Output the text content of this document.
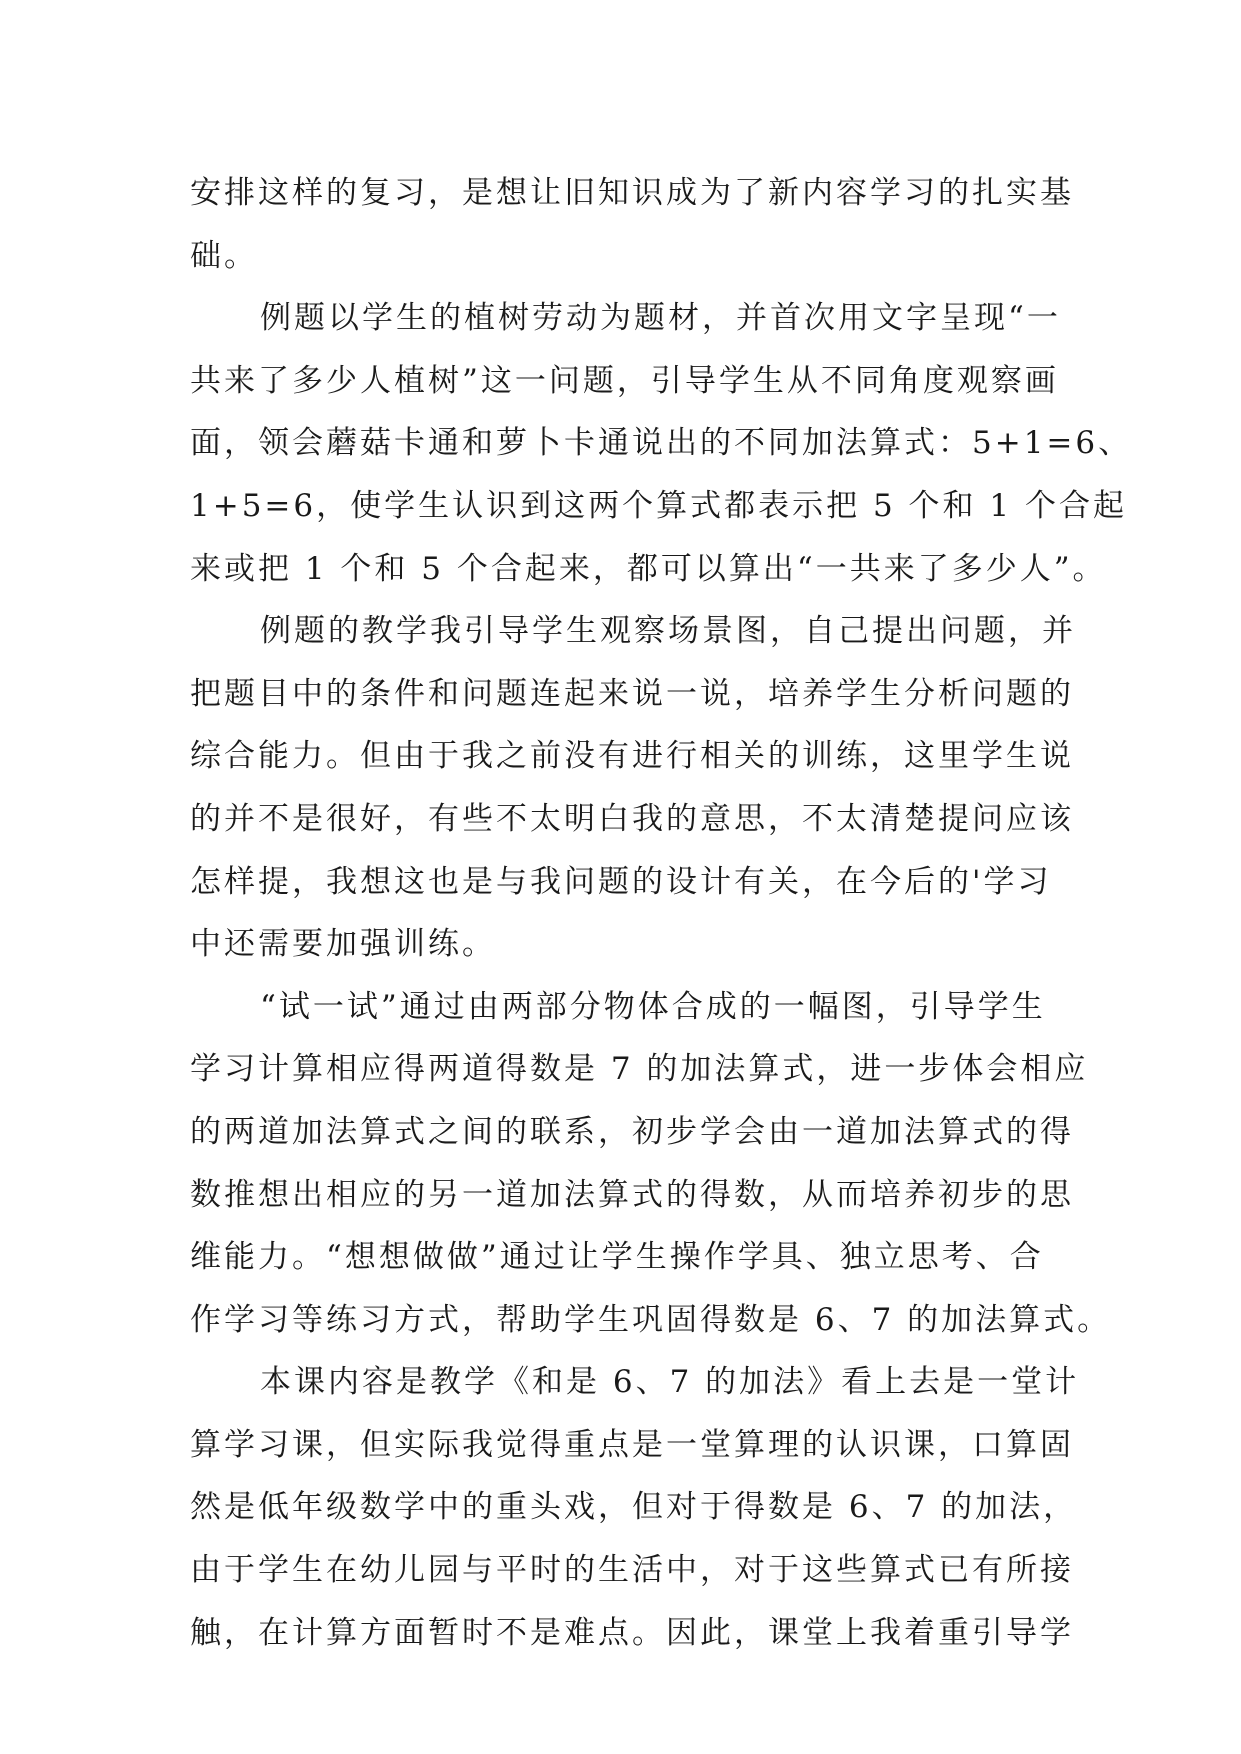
安排这样的复习，是想让旧知识成为了新内容学习的扎实基
础。
例题以学生的植树劳动为题材，并首次用文字呈现“一
共来了多少人植树”这一问题，引导学生从不同角度观察画
面，领会蘑菇卡通和萝卜卡通说出的不同加法算式：5+1=6、
1+5=6，使学生认识到这两个算式都表示把 5 个和 1 个合起
来或把 1 个和 5 个合起来，都可以算出“一共来了多少人”。
例题的教学我引导学生观察场景图，自己提出问题，并
把题目中的条件和问题连起来说一说，培养学生分析问题的
综合能力。但由于我之前没有进行相关的训练，这里学生说
的并不是很好，有些不太明白我的意思，不太清楚提问应该
怎样提，我想这也是与我问题的设计有关，在今后的'学习
中还需要加强训练。
“试一试”通过由两部分物体合成的一幅图，引导学生
学习计算相应得两道得数是 7 的加法算式，进一步体会相应
的两道加法算式之间的联系，初步学会由一道加法算式的得
数推想出相应的另一道加法算式的得数，从而培养初步的思
维能力。“想想做做”通过让学生操作学具、独立思考、合
作学习等练习方式，帮助学生巩固得数是 6、7 的加法算式。
本课内容是教学《和是 6、7 的加法》看上去是一堂计
算学习课，但实际我觉得重点是一堂算理的认识课，口算固
然是低年级数学中的重头戏，但对于得数是 6、7 的加法，
由于学生在幼儿园与平时的生活中，对于这些算式已有所接
触，在计算方面暂时不是难点。因此，课堂上我着重引导学
